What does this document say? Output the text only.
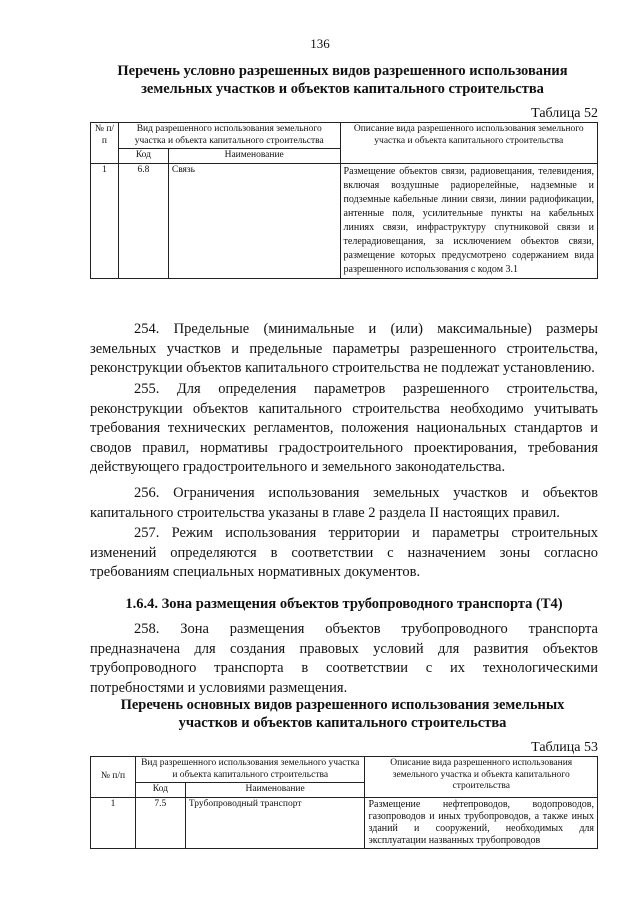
136
Перечень условно разрешенных видов разрешенного использования
земельных участков и объектов капитального строительства
Таблица 52
№ п/п	Вид разрешенного использования земельного участка и объекта капитального строительства		Описание вида разрешенного использования земельного участка и объекта капитального строительства
	Код	Наименование	
1	6.8	Связь	Размещение объектов связи, радиовещания, телевидения, включая воздушные радиорелейные, надземные и подземные кабельные линии связи, линии радиофикации, антенные поля, усилительные пункты на кабельных линиях связи, инфраструктуру спутниковой связи и телерадиовещания, за исключением объектов связи, размещение которых предусмотрено содержанием вида разрешенного использования с кодом 3.1
254. Предельные (минимальные и (или) максимальные) размеры земельных участков и предельные параметры разрешенного строительства, реконструкции объектов капитального строительства не подлежат установлению.
255. Для определения параметров разрешенного строительства, реконструкции объектов капитального строительства необходимо учитывать требования технических регламентов, положения национальных стандартов и сводов правил, нормативы градостроительного проектирования, требования действующего градостроительного и земельного законодательства.
256. Ограничения использования земельных участков и объектов капитального строительства указаны в главе 2 раздела II настоящих правил.
257. Режим использования территории и параметры строительных изменений определяются в соответствии с назначением зоны согласно требованиям специальных нормативных документов.
1.6.4. Зона размещения объектов трубопроводного транспорта (Т4)
258. Зона размещения объектов трубопроводного транспорта предназначена для создания правовых условий для развития объектов трубопроводного транспорта в соответствии с их технологическими потребностями и условиями размещения.
Перечень основных видов разрешенного использования земельных
участков и объектов капитального строительства
Таблица 53
№ п/п	Вид разрешенного использования земельного участка и объекта капитального строительства		Описание вида разрешенного использования земельного участка и объекта капитального строительства
	Код	Наименование	
1	7.5	Трубопроводный транспорт	Размещение нефтепроводов, водопроводов, газопроводов и иных трубопроводов, а также иных зданий и сооружений, необходимых для эксплуатации названных трубопроводов
